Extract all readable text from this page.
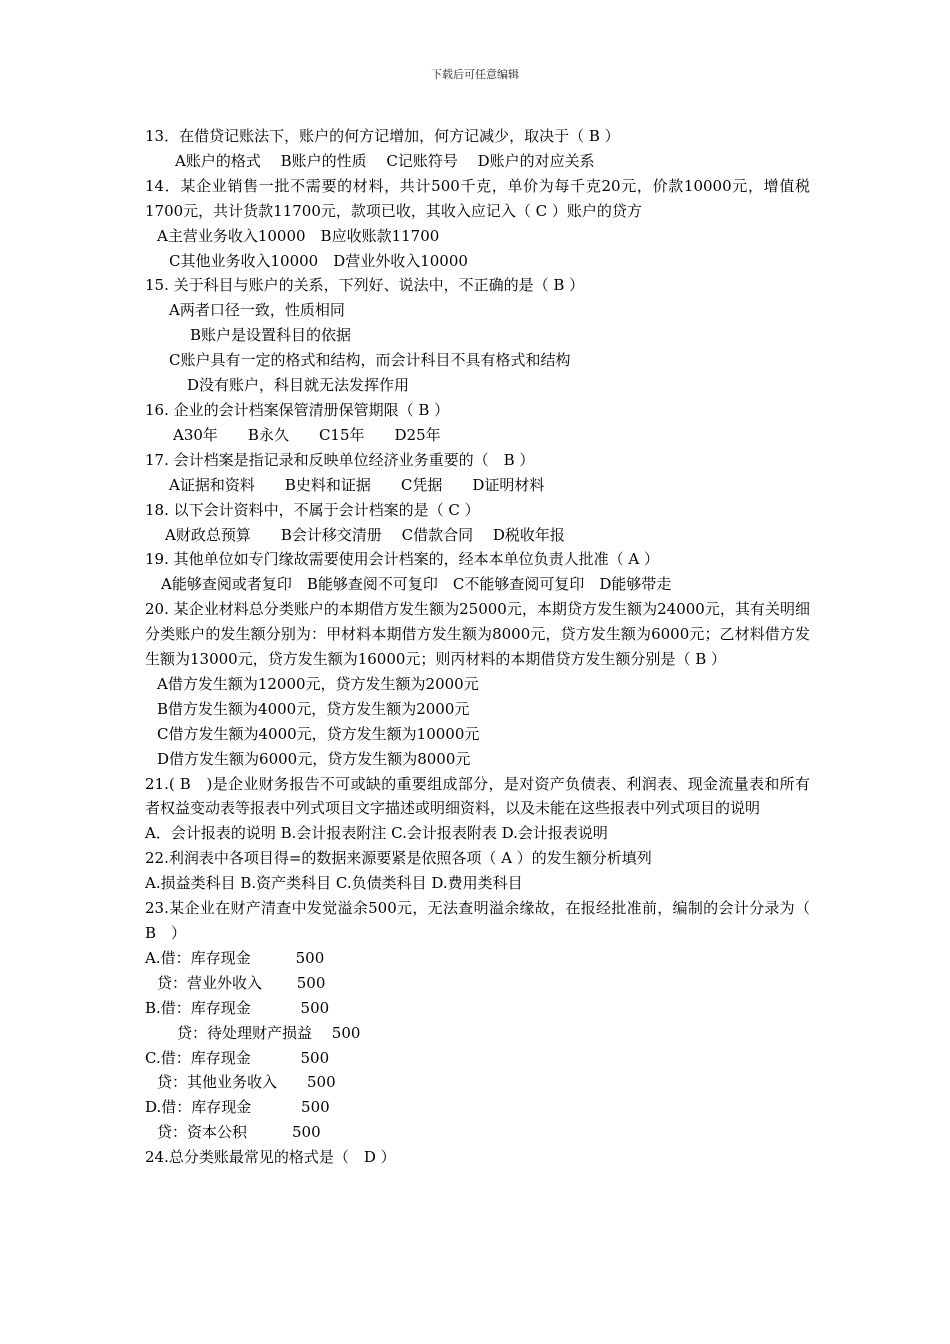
下载后可任意编辑

13．在借贷记账法下，账户的何方记增加，何方记减少，取决于（ B ）

A账户的格式　 B账户的性质　 C记账符号　 D账户的对应关系

14．某企业销售一批不需要的材料，共计500千克，单价为每千克20元，价款10000元，增值税1700元，共计货款11700元，款项已收，其收入应记入（ C ）账户的贷方

A主营业务收入10000　B应收账款11700

C其他业务收入10000　D营业外收入10000

15. 关于科目与账户的关系，下列好、说法中，不正确的是（ B ）

A两者口径一致，性质相同

B账户是设置科目的依据

C账户具有一定的格式和结构，而会计科目不具有格式和结构

D没有账户，科目就无法发挥作用

16. 企业的会计档案保管清册保管期限（ B ）

A30年　　B永久　　C15年　　D25年

17. 会计档案是指记录和反映单位经济业务重要的（　B ）

A证据和资料　　B史料和证据　　C凭据　　D证明材料

18. 以下会计资料中，不属于会计档案的是（ C ）

A财政总预算　　B会计移交清册　 C借款合同　 D税收年报

19. 其他单位如专门缘故需要使用会计档案的，经本本单位负责人批准（ A ）

A能够查阅或者复印　B能够查阅不可复印　C不能够查阅可复印　D能够带走

20. 某企业材料总分类账户的本期借方发生额为25000元，本期贷方发生额为24000元，其有关明细分类账户的发生额分别为：甲材料本期借方发生额为8000元，贷方发生额为6000元；乙材料借方发生额为13000元，贷方发生额为16000元；则丙材料的本期借贷方发生额分别是（ B ）

A借方发生额为12000元，贷方发生额为2000元

B借方发生额为4000元，贷方发生额为2000元

C借方发生额为4000元，贷方发生额为10000元

D借方发生额为6000元，贷方发生额为8000元

21.( B　)是企业财务报告不可或缺的重要组成部分，是对资产负债表、利润表、现金流量表和所有者权益变动表等报表中列式项目文字描述或明细资料，以及未能在这些报表中列式项目的说明

A．会计报表的说明 B.会计报表附注 C.会计报表附表 D.会计报表说明

22.利润表中各项目得=的数据来源要紧是依照各项（ A ）的发生额分析填列

A.损益类科目 B.资产类科目 C.负债类科目 D.费用类科目

23.某企业在财产清查中发觉溢余500元，无法查明溢余缘故，在报经批准前，编制的会计分录为（ B　）

A.借：库存现金　　　500

贷：营业外收入　　 500

B.借：库存现金　　　 500

贷：待处理财产损益　 500

C.借：库存现金　　　 500

贷：其他业务收入　　500

D.借：库存现金　　　 500

贷：资本公积　　　500

24.总分类账最常见的格式是（　D ）
